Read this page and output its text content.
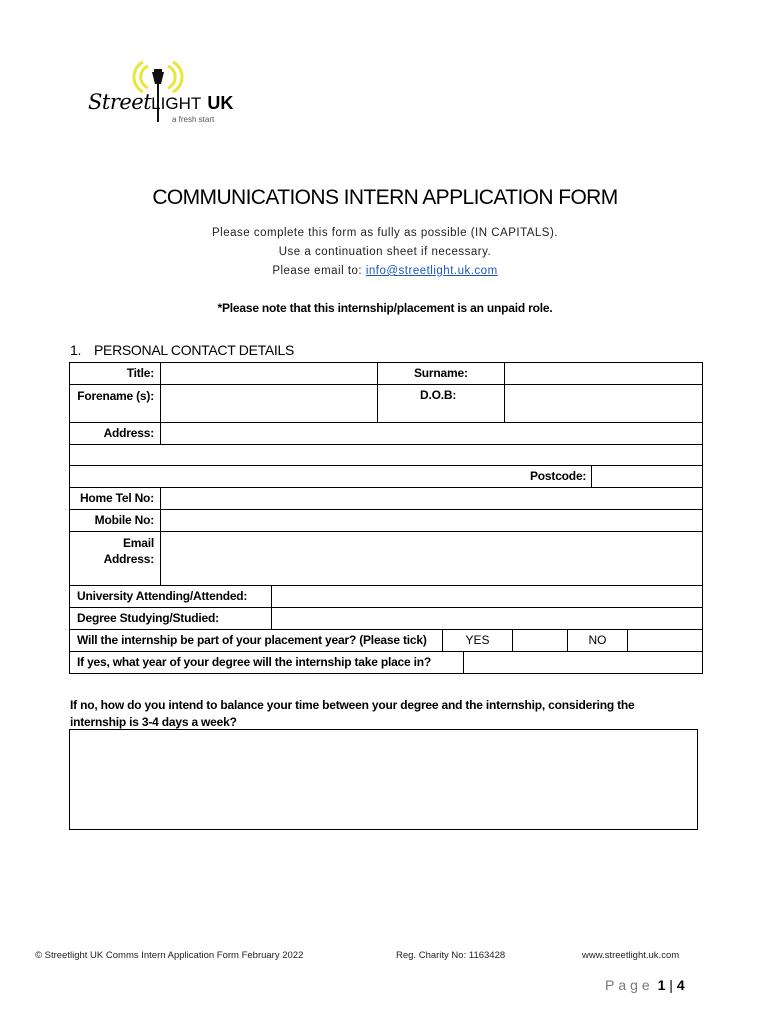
StreetLIGHT UK
a fresh start
COMMUNICATIONS INTERN APPLICATION FORM
Please complete this form as fully as possible (IN CAPITALS).
Use a continuation sheet if necessary.
Please email to: info@streetlight.uk.com
*Please note that this internship/placement is an unpaid role.
1. PERSONAL CONTACT DETAILS
Title:	Surname:
Forename (s):	D.O.B:
Address:
Postcode:
Home Tel No:
Mobile No:
Email Address:
University Attending/Attended:
Degree Studying/Studied:
Will the internship be part of your placement year? (Please tick)	YES	NO
If yes, what year of your degree will the internship take place in?
If no, how do you intend to balance your time between your degree and the internship, considering the internship is 3-4 days a week?
© Streetlight UK Comms Intern Application Form February 2022	Reg. Charity No: 1163428	www.streetlight.uk.com
Page 1 | 4
